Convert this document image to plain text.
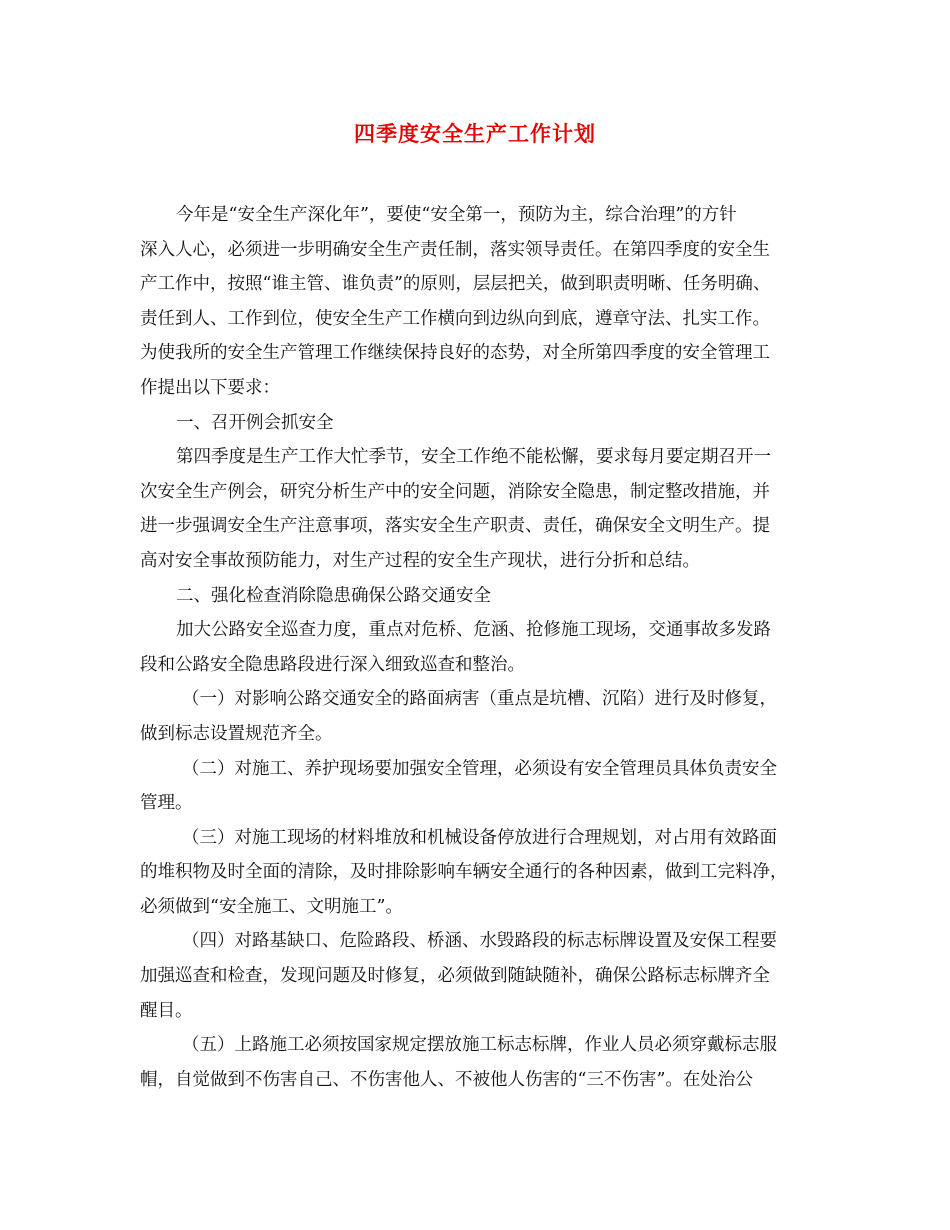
四季度安全生产工作计划
今年是“安全生产深化年”，要使“安全第一，预防为主，综合治理”的方针
深入人心，必须进一步明确安全生产责任制，落实领导责任。在第四季度的安全生
产工作中，按照“谁主管、谁负责”的原则，层层把关，做到职责明晰、任务明确、
责任到人、工作到位，使安全生产工作横向到边纵向到底，遵章守法、扎实工作。
为使我所的安全生产管理工作继续保持良好的态势，对全所第四季度的安全管理工
作提出以下要求：
一、召开例会抓安全
第四季度是生产工作大忙季节，安全工作绝不能松懈，要求每月要定期召开一
次安全生产例会，研究分析生产中的安全问题，消除安全隐患，制定整改措施，并
进一步强调安全生产注意事项，落实安全生产职责、责任，确保安全文明生产。提
高对安全事故预防能力，对生产过程的安全生产现状，进行分折和总结。
二、强化检查消除隐患确保公路交通安全
加大公路安全巡查力度，重点对危桥、危涵、抢修施工现场，交通事故多发路
段和公路安全隐患路段进行深入细致巡查和整治。
（一）对影响公路交通安全的路面病害（重点是坑槽、沉陷）进行及时修复，
做到标志设置规范齐全。
（二）对施工、养护现场要加强安全管理，必须设有安全管理员具体负责安全
管理。
（三）对施工现场的材料堆放和机械设备停放进行合理规划，对占用有效路面
的堆积物及时全面的清除，及时排除影响车辆安全通行的各种因素，做到工完料净，
必须做到“安全施工、文明施工”。
（四）对路基缺口、危险路段、桥涵、水毁路段的标志标牌设置及安保工程要
加强巡查和检查，发现问题及时修复，必须做到随缺随补，确保公路标志标牌齐全
醒目。
（五）上路施工必须按国家规定摆放施工标志标牌，作业人员必须穿戴标志服
帽，自觉做到不伤害自己、不伤害他人、不被他人伤害的“三不伤害”。在处治公
